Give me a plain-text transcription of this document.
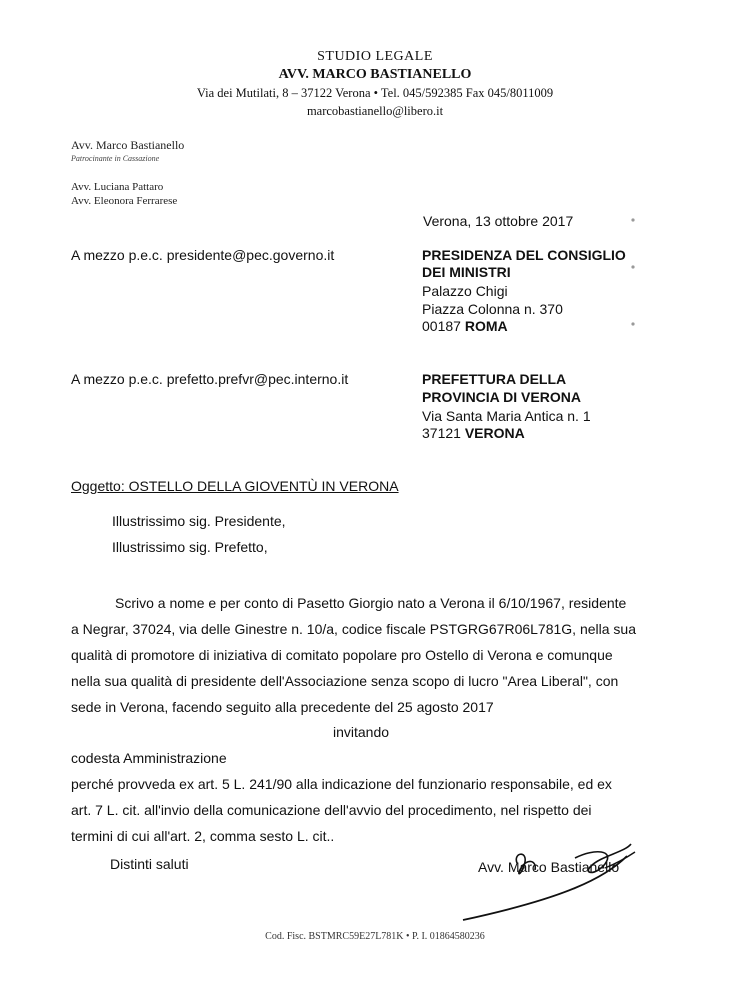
STUDIO LEGALE
AVV. MARCO BASTIANELLO
Via dei Mutilati, 8 – 37122 Verona • Tel. 045/592385 Fax 045/8011009
marcobastianello@libero.it
Avv. Marco Bastianello
Patrocinante in Cassazione
Avv. Luciana Pattaro
Avv. Eleonora Ferrarese
Verona, 13 ottobre 2017
A mezzo p.e.c. presidente@pec.governo.it	PRESIDENZA DEL CONSIGLIO
DEI MINISTRI
Palazzo Chigi
Piazza Colonna n. 370
00187 ROMA
A mezzo p.e.c. prefetto.prefvr@pec.interno.it	PREFETTURA DELLA
PROVINCIA DI VERONA
Via Santa Maria Antica n. 1
37121 VERONA
Oggetto: OSTELLO DELLA GIOVENTÙ IN VERONA
Illustrissimo sig. Presidente,
Illustrissimo sig. Prefetto,
Scrivo a nome e per conto di Pasetto Giorgio nato a Verona il 6/10/1967, residente
a Negrar, 37024, via delle Ginestre n. 10/a, codice fiscale PSTGRG67R06L781G, nella sua
qualità di promotore di iniziativa di comitato popolare pro Ostello di Verona e comunque
nella sua qualità di presidente dell'Associazione senza scopo di lucro "Area Liberal", con
sede in Verona, facendo seguito alla precedente del 25 agosto 2017
invitando
codesta Amministrazione
perché provveda ex art. 5 L. 241/90 alla indicazione del funzionario responsabile, ed ex
art. 7 L. cit. all'invio della comunicazione dell'avvio del procedimento, nel rispetto dei
termini di cui all'art. 2, comma sesto L. cit..
Distinti saluti	Avv. Marco Bastianello
Cod. Fisc. BSTMRC59E27L781K • P. I. 01864580236
